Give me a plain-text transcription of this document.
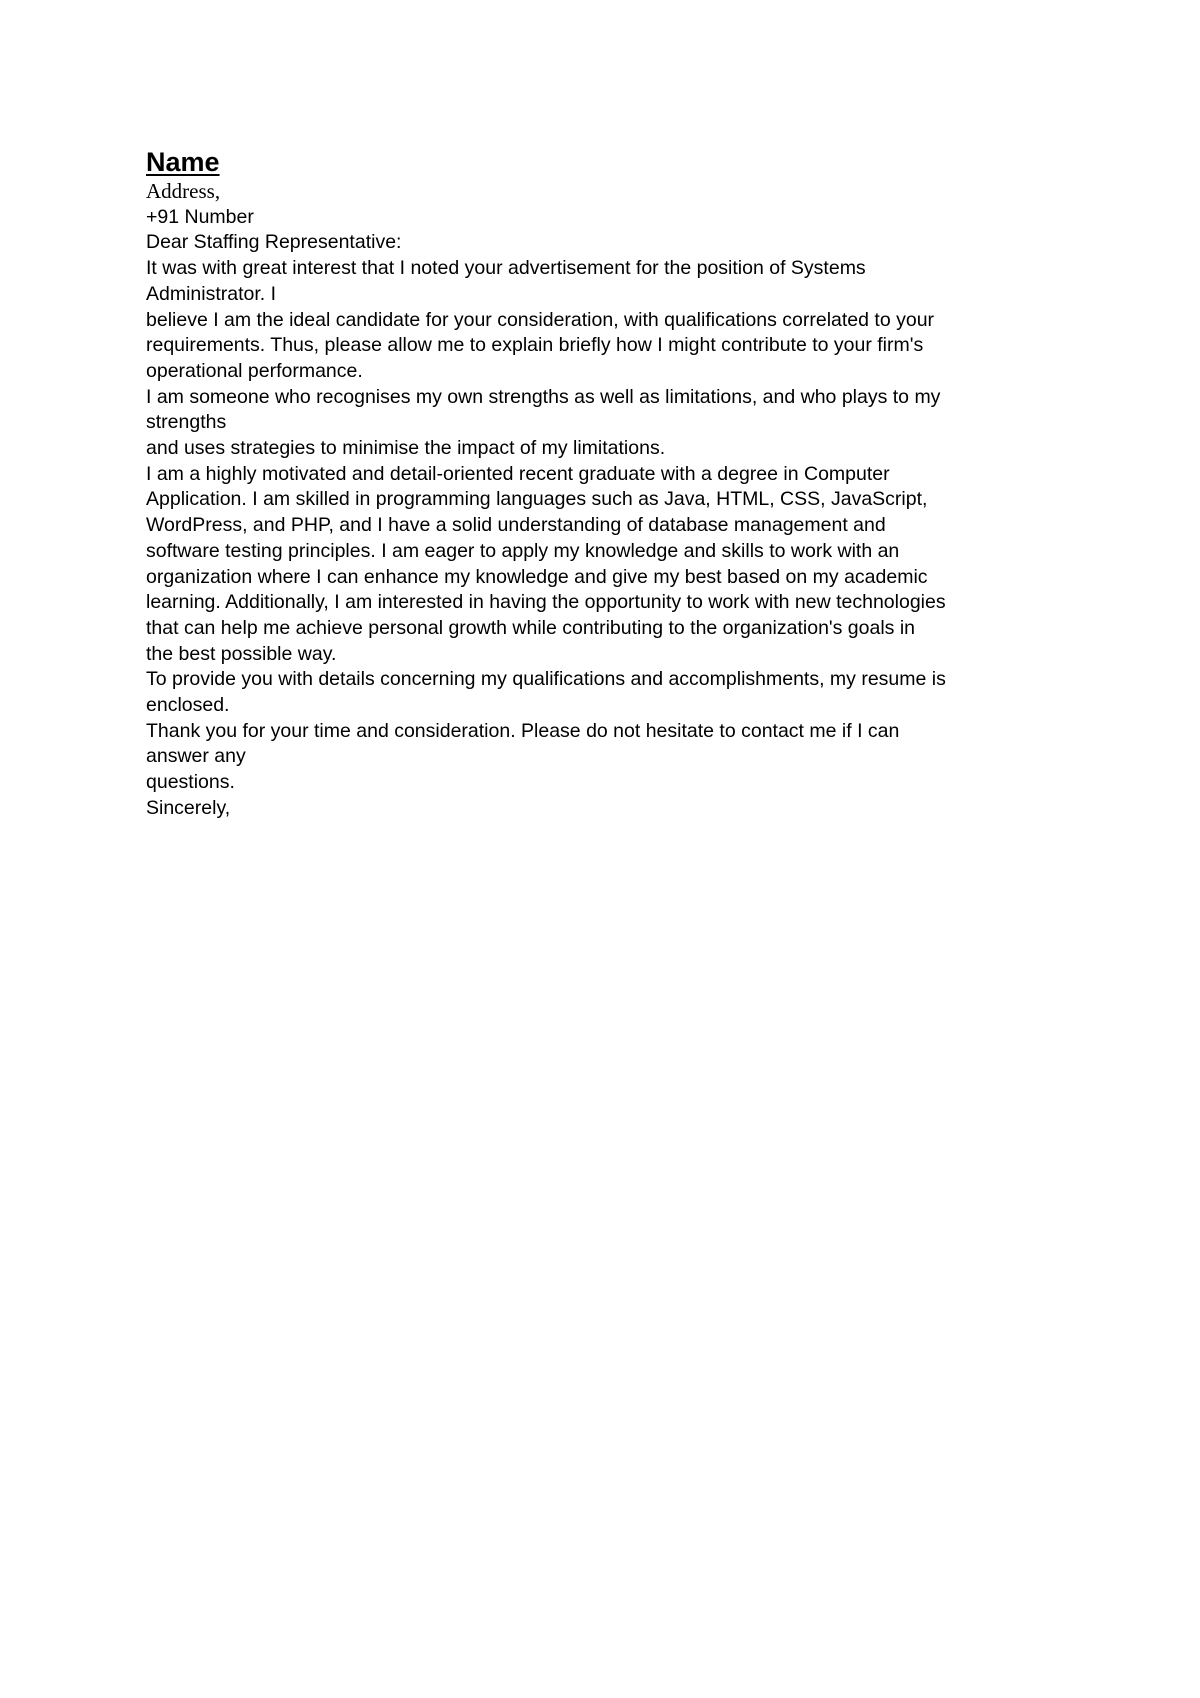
Name

Address,

+91 Number

Dear Staffing Representative:

It was with great interest that I noted your advertisement for the position of Systems

Administrator. I

believe I am the ideal candidate for your consideration, with qualifications correlated to your

requirements. Thus, please allow me to explain briefly how I might contribute to your firm's

operational performance.

I am someone who recognises my own strengths as well as limitations, and who plays to my

strengths

and uses strategies to minimise the impact of my limitations.

I am a highly motivated and detail-oriented recent graduate with a degree in Computer

Application. I am skilled in programming languages such as Java, HTML, CSS, JavaScript,

WordPress, and PHP, and I have a solid understanding of database management and

software testing principles. I am eager to apply my knowledge and skills to work with an

organization where I can enhance my knowledge and give my best based on my academic

learning. Additionally, I am interested in having the opportunity to work with new technologies

that can help me achieve personal growth while contributing to the organization's goals in

the best possible way.

To provide you with details concerning my qualifications and accomplishments, my resume is

enclosed.

Thank you for your time and consideration. Please do not hesitate to contact me if I can

answer any

questions.

Sincerely,
